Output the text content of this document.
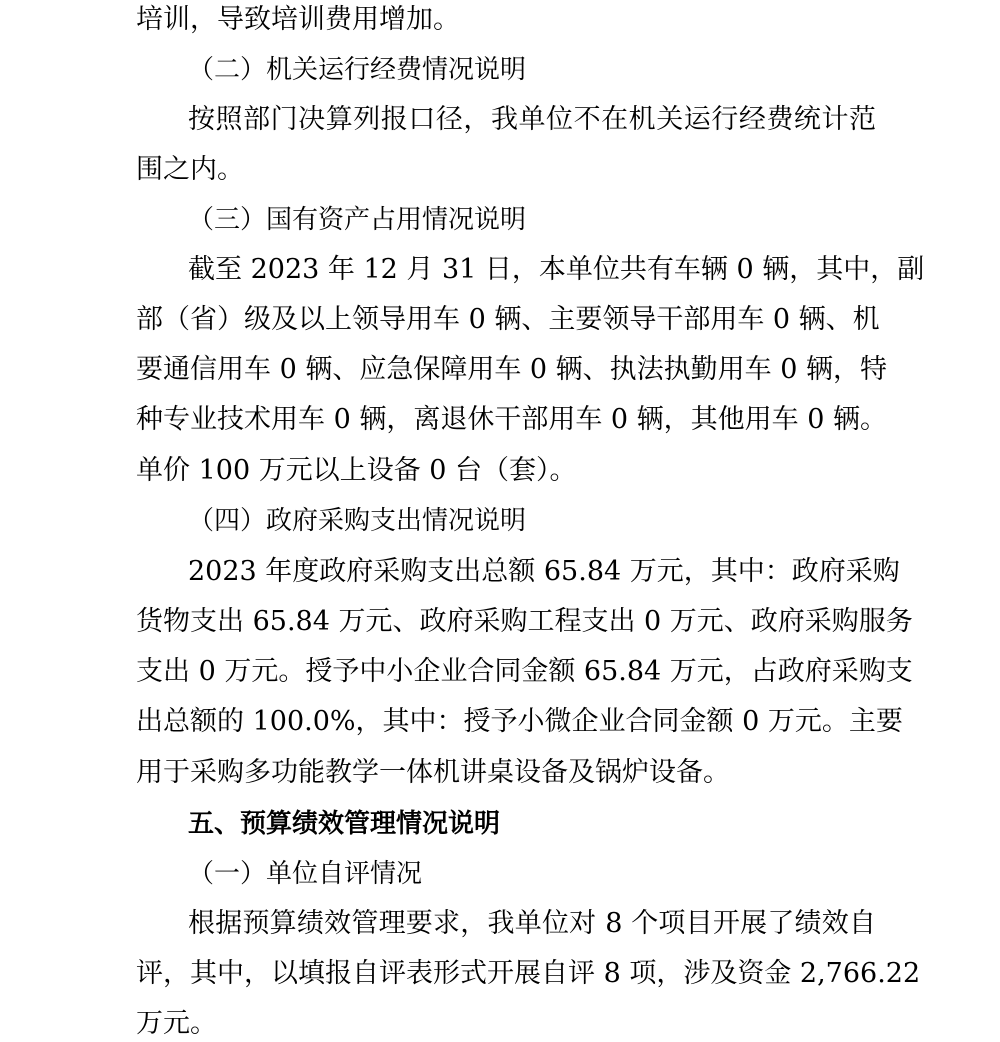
培训，导致培训费用增加。
（二）机关运行经费情况说明
按照部门决算列报口径，我单位不在机关运行经费统计范
围之内。
（三）国有资产占用情况说明
截至 2023 年 12 月 31 日，本单位共有车辆 0 辆，其中，副
部（省）级及以上领导用车 0 辆、主要领导干部用车 0 辆、机
要通信用车 0 辆、应急保障用车 0 辆、执法执勤用车 0 辆，特
种专业技术用车 0 辆，离退休干部用车 0 辆，其他用车 0 辆。
单价 100 万元以上设备 0 台（套）。
（四）政府采购支出情况说明
2023 年度政府采购支出总额 65.84 万元，其中：政府采购
货物支出 65.84 万元、政府采购工程支出 0 万元、政府采购服务
支出 0 万元。授予中小企业合同金额 65.84 万元，占政府采购支
出总额的 100.0%，其中：授予小微企业合同金额 0 万元。主要
用于采购多功能教学一体机讲桌设备及锅炉设备。
五、预算绩效管理情况说明
（一）单位自评情况
根据预算绩效管理要求，我单位对 8 个项目开展了绩效自
评，其中，以填报自评表形式开展自评 8 项，涉及资金 2,766.22
万元。
